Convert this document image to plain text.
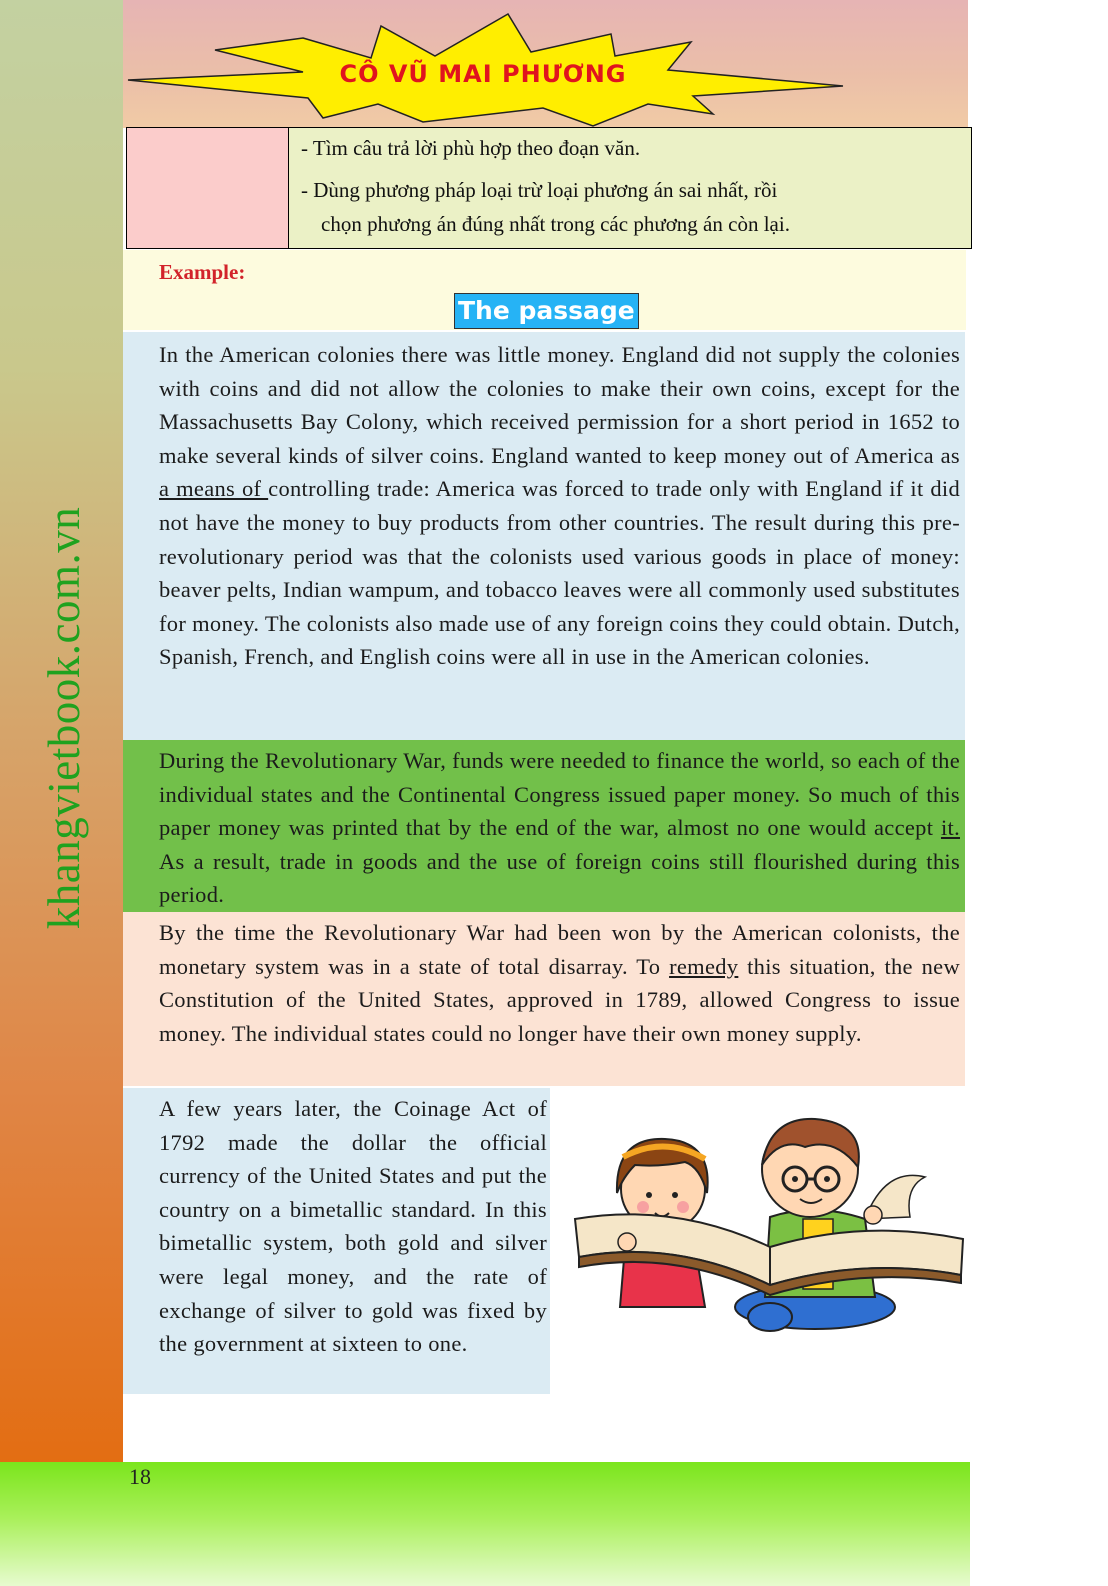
khangvietbook.com.vn
CÔ VŨ MAI PHƯƠNG
- Tìm câu trả lời phù hợp theo đoạn văn.
- Dùng phương pháp loại trừ loại phương án sai nhất, rồi
chọn phương án đúng nhất trong các phương án còn lại.
Example:
The passage
In the American colonies there was little money. England did not supply the colonies with coins and did not allow the colonies to make their own coins, except for the Massachusetts Bay Colony, which received permission for a short period in 1652 to make several kinds of silver coins. England wanted to keep money out of America as a means of controlling trade: America was forced to trade only with England if it did not have the money to buy products from other countries. The result during this pre- revolutionary period was that the colonists used various goods in place of money: beaver pelts, Indian wampum, and tobacco leaves were all commonly used substitutes for money. The colonists also made use of any foreign coins they could obtain. Dutch, Spanish, French, and English coins were all in use in the American colonies.
During the Revolutionary War, funds were needed to finance the world, so each of the individual states and the Continental Congress issued paper money. So much of this paper money was printed that by the end of the war, almost no one would accept it. As a result, trade in goods and the use of foreign coins still flourished during this period.
By the time the Revolutionary War had been won by the American colonists, the monetary system was in a state of total disarray. To remedy this situation, the new Constitution of the United States, approved in 1789, allowed Congress to issue money. The individual states could no longer have their own money supply.
A few years later, the Coinage Act of 1792 made the dollar the official currency of the United States and put the country on a bimetallic standard. In this bimetallic system, both gold and silver were legal money, and the rate of exchange of silver to gold was fixed by the government at sixteen to one.
18
